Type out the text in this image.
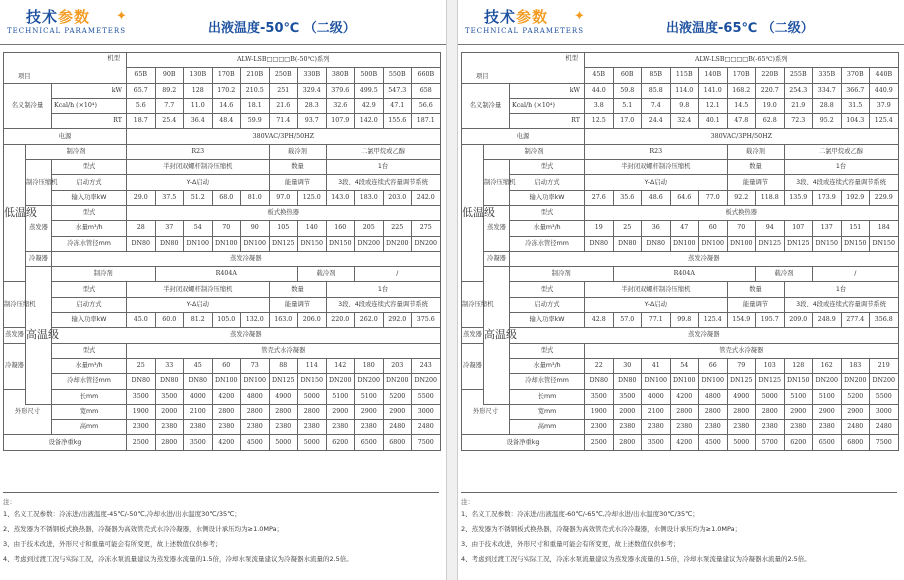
技术参数 ✦
TECHNICAL PARAMETERS	出液温度-50℃ （二级）
机型
项目			ALW-LSB□□□□B(-50℃)系列										
			65B	90B	130B	170B	210B	250B	330B	380B	500B	550B	660B
名义制冷量		kW	65.7	89.2	128	170.2	210.5	251	329.4	379.6	499.5	547.3	658
		Kcal/h (×10⁴)	5.6	7.7	11.0	14.6	18.1	21.6	28.3	32.6	42.9	47.1	56.6
		RT	18.7	25.4	36.4	48.4	59.9	71.4	93.7	107.9	142.0	155.6	187.1
电源			380VAC/3PH/50HZ										
低温级	制冷剂		R23					载冷剂		二氯甲烷或乙醇			
	制冷压缩机	型式	半封闭双螺杆制冷压缩机					数量		1台			
		启动方式	Y-Δ启动					能量调节		3段、4段或连续式容量调节系统			
		输入功率kW	29.0	37.5	51.2	68.0	81.0	97.0	125.0	143.0	183.0	203.0	242.0
	蒸发器	型式	板式换热器										
		水量m³/h	28	37	54	70	90	105	140	160	205	225	275
		冷冻水管径mm	DN80	DN80	DN100	DN100	DN100	DN125	DN150	DN150	DN200	DN200	DN200
	冷凝器	蒸发冷凝器											
	高温级	制冷剂		R404A					载冷剂		/		
制冷压缩机		型式	半封闭双螺杆制冷压缩机					数量		1台			
		启动方式	Y-Δ启动					能量调节		3段、4段或连续式容量调节系统			
		输入功率kW	45.0	60.0	81.2	105.0	132.0	163.0	206.0	220.0	262.0	292.0	375.6
蒸发器		蒸发冷凝器											
冷凝器		型式	管壳式水冷凝器										
		水量m³/h	25	33	45	60	73	88	114	142	180	203	243
		冷却水管径mm	DN80	DN80	DN80	DN100	DN100	DN125	DN150	DN200	DN200	DN200	DN200
外形尺寸		长mm	3500	3500	4000	4200	4800	4900	5000	5100	5100	5200	5500
		宽mm	1900	2000	2100	2800	2800	2800	2800	2900	2900	2900	3000
		高mm	2300	2380	2380	2380	2380	2380	2380	2380	2380	2480	2480
设备净重kg			2500	2800	3500	4200	4500	5000	5000	6200	6500	6800	7500
注：
1、名义工况参数：冷冻进/出液温度-45℃/-50℃,冷却水进/出水温度30℃/35℃；
2、蒸发器为不锈钢板式换热器，冷凝器为高效管壳式水冷冷凝器，水侧设计承压均为≥1.0MPa；
3、由于技术改进，外形尺寸和重量可能会有所变更，故上述数值仅供参考；
4、考虑到过渡工况与实际工况，冷冻水泵流量建议为蒸发器水流量的1.5倍，冷却水泵流量建议为冷凝器水流量的2.5倍。
技术参数 ✦
TECHNICAL PARAMETERS	出液温度-65℃ （二级）
机型
项目			ALW-LSB□□□□B(-65℃)系列										
			45B	60B	85B	115B	140B	170B	220B	255B	335B	370B	440B
名义制冷量		kW	44.0	59.8	85.8	114.0	141.0	168.2	220.7	254.3	334.7	366.7	440.9
		Kcal/h (×10⁴)	3.8	5.1	7.4	9.8	12.1	14.5	19.0	21.9	28.8	31.5	37.9
		RT	12.5	17.0	24.4	32.4	40.1	47.8	62.8	72.3	95.2	104.3	125.4
电源			380VAC/3PH/50HZ										
低温级	制冷剂		R23					载冷剂		二氯甲烷或乙醇			
	制冷压缩机	型式	半封闭双螺杆制冷压缩机					数量		1台			
		启动方式	Y-Δ启动					能量调节		3段、4段或连续式容量调节系统			
		输入功率kW	27.6	35.6	48.6	64.6	77.0	92.2	118.8	135.9	173.9	192.9	229.9
	蒸发器	型式	板式换热器										
		水量m³/h	19	25	36	47	60	70	94	107	137	151	184
		冷冻水管径mm	DN80	DN80	DN80	DN100	DN100	DN100	DN125	DN125	DN150	DN150	DN150
	冷凝器	蒸发冷凝器											
	高温级	制冷剂		R404A					载冷剂		/		
制冷压缩机		型式	半封闭双螺杆制冷压缩机					数量		1台			
		启动方式	Y-Δ启动					能量调节		3段、4段或连续式容量调节系统			
		输入功率kW	42.8	57.0	77.1	99.8	125.4	154.9	195.7	209.0	248.9	277.4	356.8
蒸发器		蒸发冷凝器											
冷凝器		型式	管壳式水冷凝器										
		水量m³/h	22	30	41	54	66	79	103	128	162	183	219
		冷却水管径mm	DN80	DN80	DN100	DN100	DN100	DN125	DN125	DN150	DN200	DN200	DN200
外形尺寸		长mm	3500	3500	4000	4200	4800	4900	5000	5100	5100	5200	5500
		宽mm	1900	2000	2100	2800	2800	2800	2800	2900	2900	2900	3000
		高mm	2300	2380	2380	2380	2380	2380	2380	2380	2380	2480	2480
设备净重kg			2500	2800	3500	4200	4500	5000	5700	6200	6500	6800	7500
注：
1、名义工况参数：冷冻进/出液温度-60℃/-65℃,冷却水进/出水温度30℃/35℃；
2、蒸发器为不锈钢板式换热器，冷凝器为高效管壳式水冷冷凝器，水侧设计承压均为≥1.0MPa；
3、由于技术改进，外形尺寸和重量可能会有所变更，故上述数值仅供参考；
4、考虑到过渡工况与实际工况，冷冻水泵流量建议为蒸发器水流量的1.5倍，冷却水泵流量建议为冷凝器水流量的2.5倍。
